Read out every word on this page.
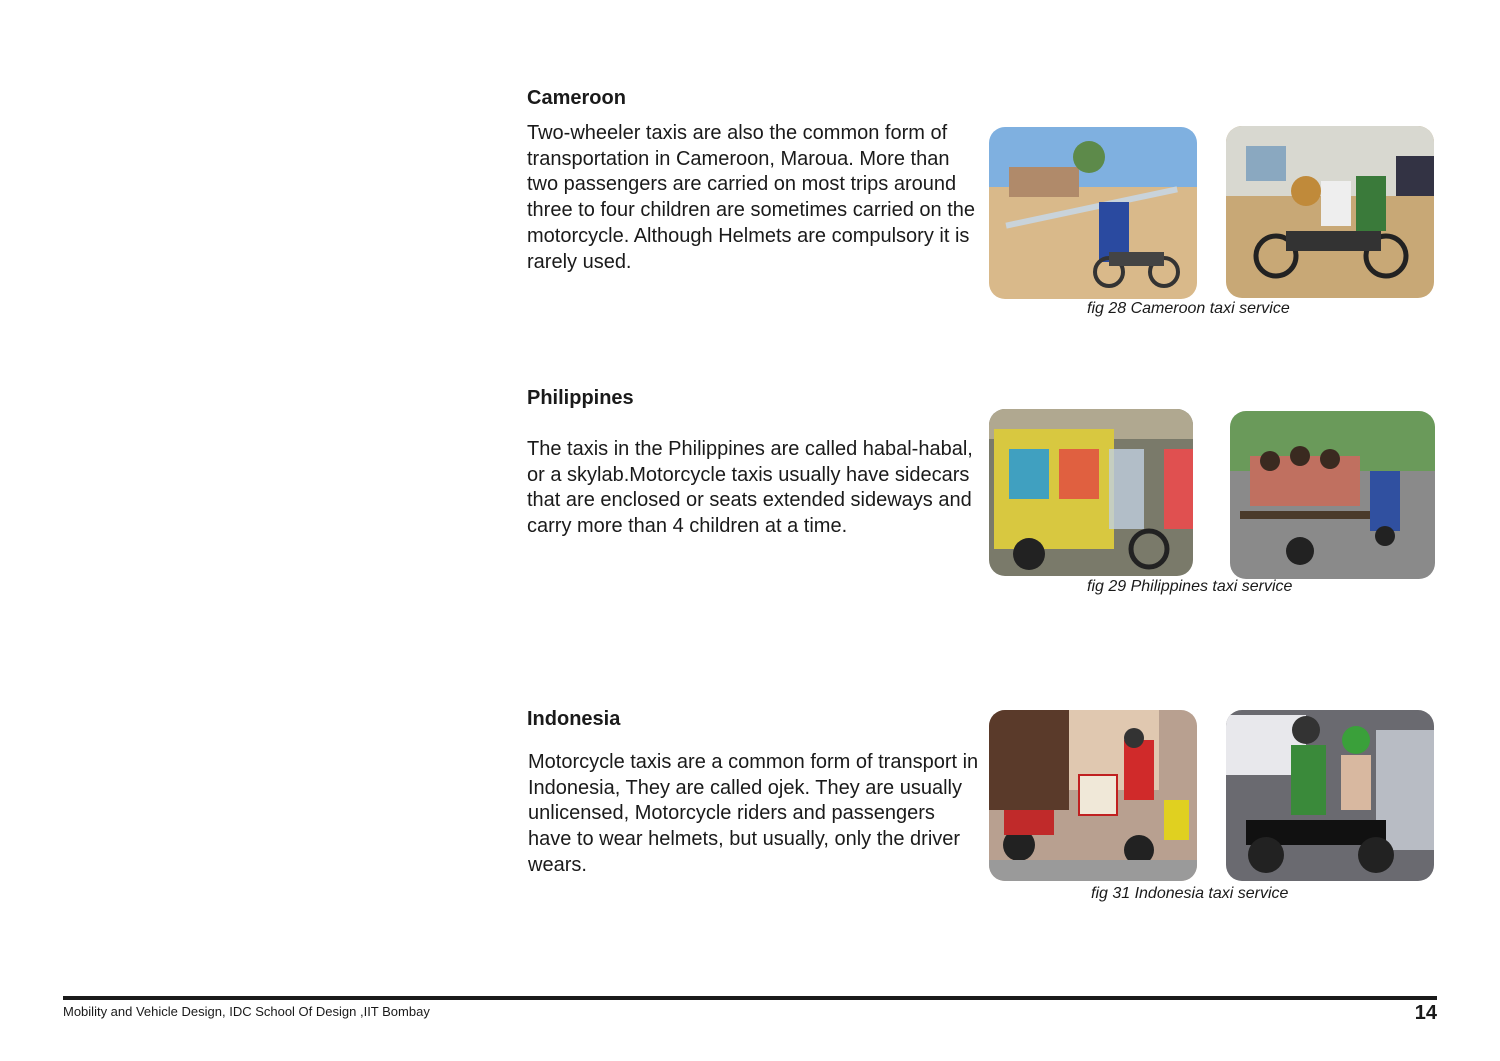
Cameroon

Two-wheeler taxis are also the common form of transportation in Cameroon, Maroua. More than two passengers are carried on most trips around three to four children are sometimes carried on the motorcycle. Although Helmets are compulsory it is rarely used.

fig 28 Cameroon taxi service

Philippines

The taxis in the Philippines are called habal-habal, or a skylab.Motorcycle taxis usually have sidecars that are enclosed or seats extended sideways and carry more than 4 children at a time.

fig 29 Philippines taxi service

Indonesia

Motorcycle taxis are a common form of transport in Indonesia, They are called ojek. They are usually unlicensed, Motorcycle riders and passengers have to wear helmets, but usually, only the driver wears.

fig 31 Indonesia taxi service

Mobility and Vehicle Design, IDC School Of Design ,IIT Bombay	14
